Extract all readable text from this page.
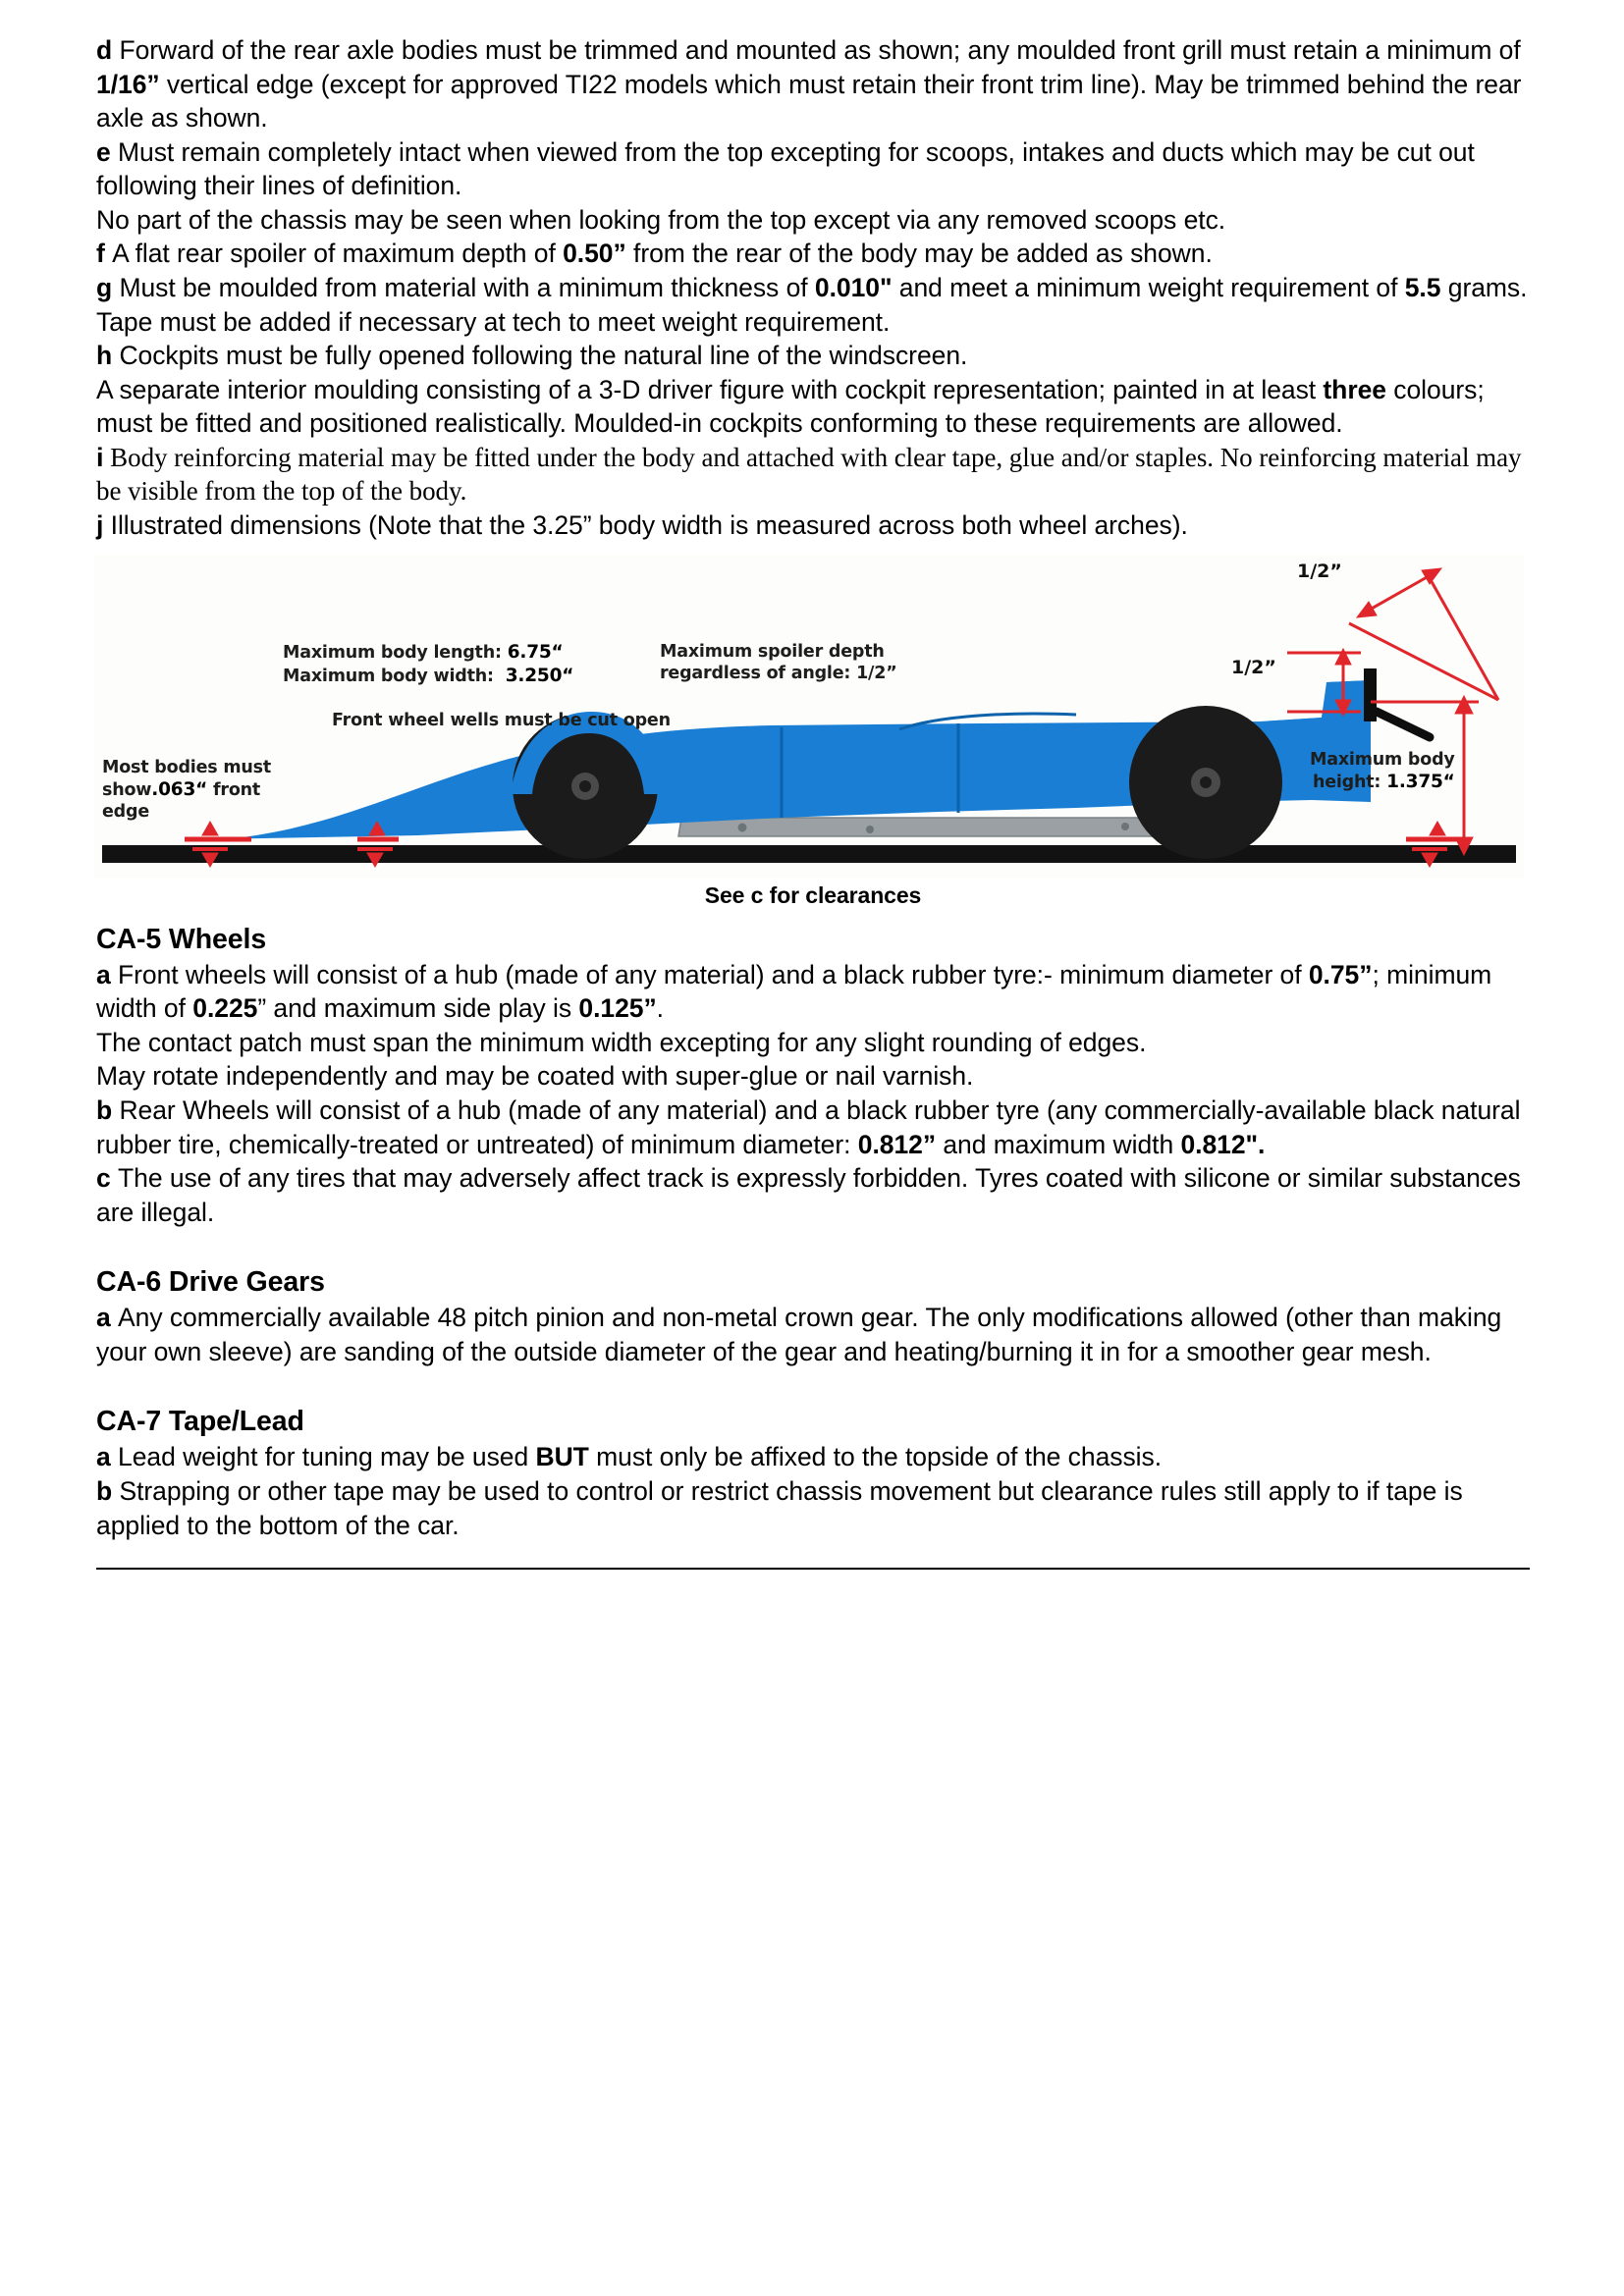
d Forward of the rear axle bodies must be trimmed and mounted as shown; any moulded front grill must retain a minimum of 1/16” vertical edge (except for approved TI22 models which must retain their front trim line). May be trimmed behind the rear axle as shown.

e Must remain completely intact when viewed from the top excepting for scoops, intakes and ducts which may be cut out following their lines of definition.

No part of the chassis may be seen when looking from the top except via any removed scoops etc.

f A flat rear spoiler of maximum depth of 0.50” from the rear of the body may be added as shown.

g Must be moulded from material with a minimum thickness of 0.010" and meet a minimum weight requirement of 5.5 grams. Tape must be added if necessary at tech to meet weight requirement.

h Cockpits must be fully opened following the natural line of the windscreen.

A separate interior moulding consisting of a 3-D driver figure with cockpit representation; painted in at least three colours; must be fitted and positioned realistically. Moulded-in cockpits conforming to these requirements are allowed.

i Body reinforcing material may be fitted under the body and attached with clear tape, glue and/or staples. No reinforcing material may be visible from the top of the body.

j Illustrated dimensions (Note that the 3.25” body width is measured across both wheel arches).

Maximum body length: 6.75“
Maximum body width: 3.250“
Front wheel wells must be cut open
Most bodies must
show.063“ front
edge
Maximum spoiler depth
regardless of angle: 1/2”
1/2”
1/2”
Maximum body
height: 1.375“
See c for clearances
CA-5 Wheels

a Front wheels will consist of a hub (made of any material) and a black rubber tyre:- minimum diameter of 0.75”; minimum width of 0.225” and maximum side play is 0.125”.

The contact patch must span the minimum width excepting for any slight rounding of edges.

May rotate independently and may be coated with super-glue or nail varnish.

b Rear Wheels will consist of a hub (made of any material) and a black rubber tyre (any commercially-available black natural rubber tire, chemically-treated or untreated) of minimum diameter: 0.812” and maximum width 0.812".

c The use of any tires that may adversely affect track is expressly forbidden. Tyres coated with silicone or similar substances are illegal.

CA-6 Drive Gears

a Any commercially available 48 pitch pinion and non-metal crown gear. The only modifications allowed (other than making your own sleeve) are sanding of the outside diameter of the gear and heating/burning it in for a smoother gear mesh.

CA-7 Tape/Lead

a Lead weight for tuning may be used BUT must only be affixed to the topside of the chassis.

b Strapping or other tape may be used to control or restrict chassis movement but clearance rules still apply to if tape is applied to the bottom of the car.
